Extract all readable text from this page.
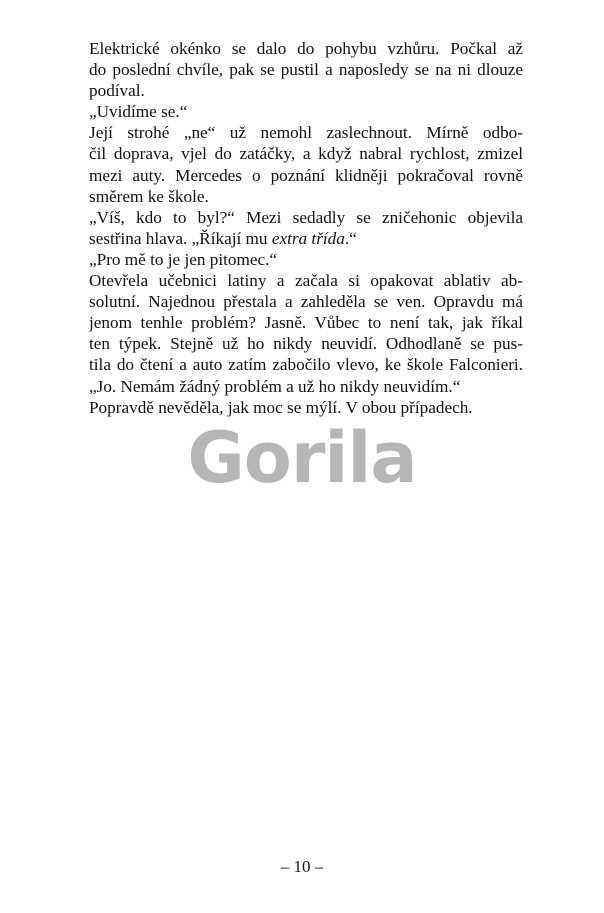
Elektrické okénko se dalo do pohybu vzhůru. Počkal až
do poslední chvíle, pak se pustil a naposledy se na ni dlouze
podíval.
„Uvidíme se.“
Její strohé „ne“ už nemohl zaslechnout. Mírně odbo-
čil doprava, vjel do zatáčky, a když nabral rychlost, zmizel
mezi auty. Mercedes o poznání klidněji pokračoval rovně
směrem ke škole.
„Víš, kdo to byl?“ Mezi sedadly se zničehonic objevila
sestřina hlava. „Říkají mu extra třída.“
„Pro mě to je jen pitomec.“
Otevřela učebnici latiny a začala si opakovat ablativ ab-
solutní. Najednou přestala a zahleděla se ven. Opravdu má
jenom tenhle problém? Jasně. Vůbec to není tak, jak říkal
ten týpek. Stejně už ho nikdy neuvidí. Odhodlaně se pus-
tila do čtení a auto zatím zabočilo vlevo, ke škole Falconieri.
„Jo. Nemám žádný problém a už ho nikdy neuvidím.“
Popravdě nevěděla, jak moc se mýlí. V obou případech.
Gorila
– 10 –
